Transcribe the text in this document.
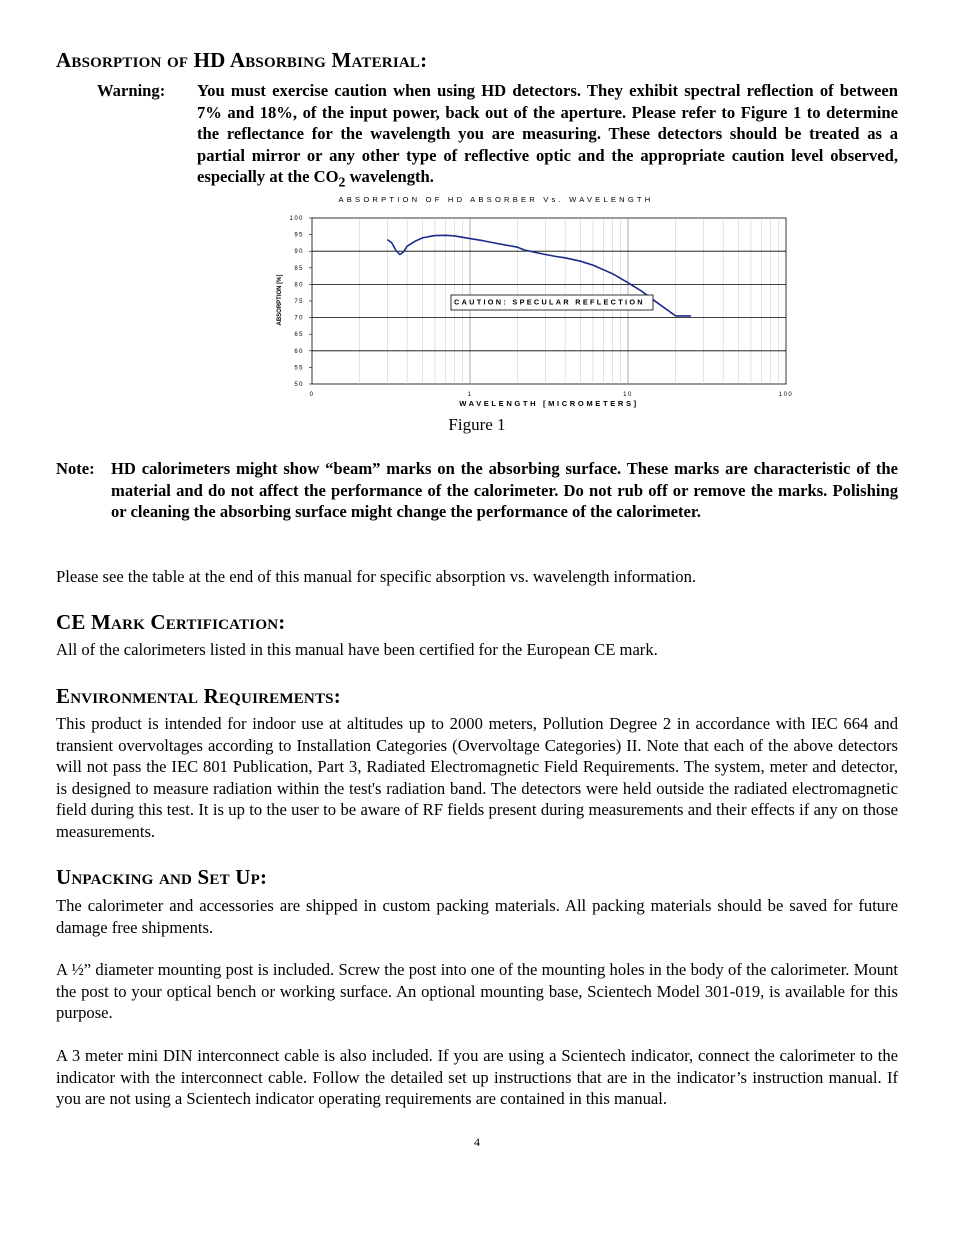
Absorption of HD Absorbing Material:
Warning:	You must exercise caution when using HD detectors. They exhibit spectral reflection of between 7% and 18%, of the input power, back out of the aperture. Please refer to Figure 1 to determine the reflectance for the wavelength you are measuring. These detectors should be treated as a partial mirror or any other type of reflective optic and the appropriate caution level observed, especially at the $CO_2$ wavelength.
ABSORPTION OF HD ABSORBER Vs. WAVELENGTH
ABSORPTION [%]
WAVELENGTH [MICROMETERS]
50
55
60
65
70
75
80
85
90
95
100
0	1	10	100
CAUTION: SPECULAR REFLECTION
Figure 1
Note: HD calorimeters might show “beam” marks on the absorbing surface. These marks are characteristic of the material and do not affect the performance of the calorimeter. Do not rub off or remove the marks. Polishing or cleaning the absorbing surface might change the performance of the calorimeter.

Please see the table at the end of this manual for specific absorption vs. wavelength information.

CE Mark Certification:

All of the calorimeters listed in this manual have been certified for the European CE mark.

Environmental Requirements:

This product is intended for indoor use at altitudes up to 2000 meters, Pollution Degree 2 in accordance with IEC 664 and transient overvoltages according to Installation Categories (Overvoltage Categories) II. Note that each of the above detectors will not pass the IEC 801 Publication, Part 3, Radiated Electromagnetic Field Requirements. The system, meter and detector, is designed to measure radiation within the test's radiation band. The detectors were held outside the radiated electromagnetic field during this test. It is up to the user to be aware of RF fields present during measurements and their effects if any on those measurements.

Unpacking and Set Up:

The calorimeter and accessories are shipped in custom packing materials. All packing materials should be saved for future damage free shipments.

A ½” diameter mounting post is included. Screw the post into one of the mounting holes in the body of the calorimeter. Mount the post to your optical bench or working surface. An optional mounting base, Scientech Model 301-019, is available for this purpose.

A 3 meter mini DIN interconnect cable is also included. If you are using a Scientech indicator, connect the calorimeter to the indicator with the interconnect cable. Follow the detailed set up instructions that are in the indicator’s instruction manual. If you are not using a Scientech indicator operating requirements are contained in this manual.

4
